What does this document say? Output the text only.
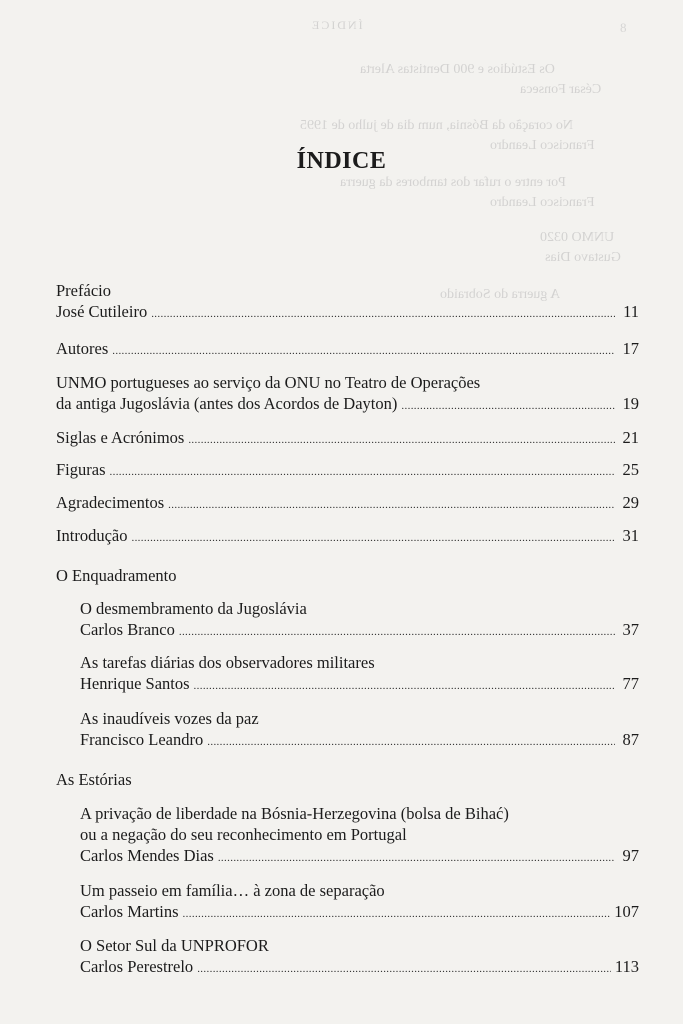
ÍNDICE	8
Os Estúdios e 900 Dentistas Alerta
César Fonseca
No coração da Bósnia, num dia de julho de 1995
Francisco Leandro
Por entre o rufar dos tambores da guerra
Francisco Leandro
UNMO 0320
Gustavo Dias
A guerra do Sobraido
ÍNDICE
Prefácio
José Cutileiro . . .	11
Autores . . .	17
UNMO portugueses ao serviço da ONU no Teatro de Operações
da antiga Jugoslávia (antes dos Acordos de Dayton) . . .	19
Siglas e Acrónimos . . .	21
Figuras . . .	25
Agradecimentos . . .	29
Introdução . . .	31
O Enquadramento
O desmembramento da Jugoslávia
Carlos Branco . . .	37
As tarefas diárias dos observadores militares
Henrique Santos . . .	77
As inaudíveis vozes da paz
Francisco Leandro . . .	87
As Estórias
A privação de liberdade na Bósnia-Herzegovina (bolsa de Bihać)
ou a negação do seu reconhecimento em Portugal
Carlos Mendes Dias . . .	97
Um passeio em família… à zona de separação
Carlos Martins . . .	107
O Setor Sul da UNPROFOR
Carlos Perestrelo . . .	113
